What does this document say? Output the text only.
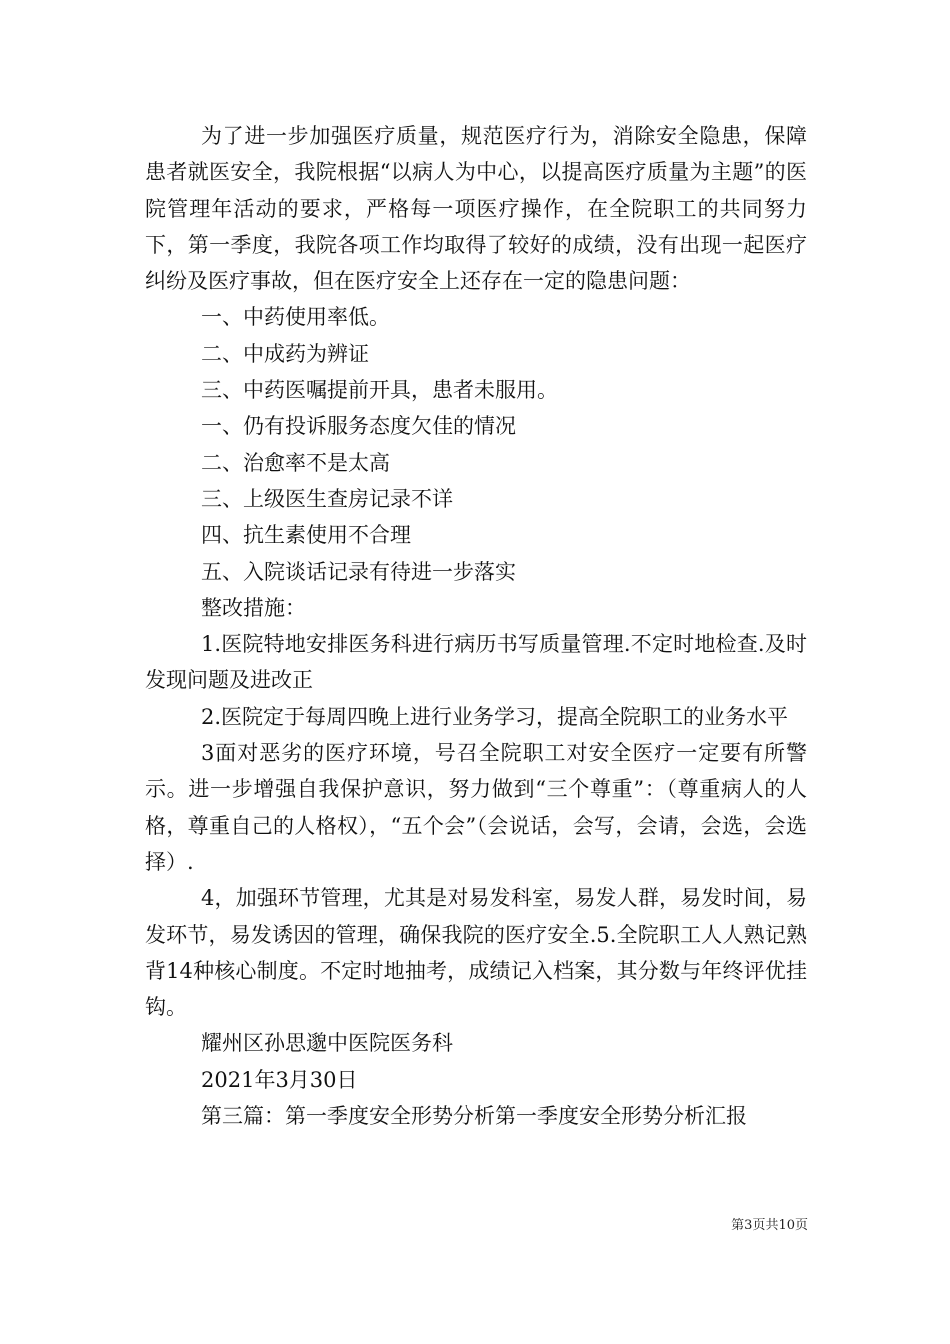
为了进一步加强医疗质量，规范医疗行为，消除安全隐患，保障患者就医安全，我院根据“以病人为中心，以提高医疗质量为主题”的医院管理年活动的要求，严格每一项医疗操作，在全院职工的共同努力下，第一季度，我院各项工作均取得了较好的成绩，没有出现一起医疗纠纷及医疗事故，但在医疗安全上还存在一定的隐患问题：

一、中药使用率低。

二、中成药为辨证

三、中药医嘱提前开具，患者未服用。

一、仍有投诉服务态度欠佳的情况

二、治愈率不是太高

三、上级医生查房记录不详

四、抗生素使用不合理

五、入院谈话记录有待进一步落实

整改措施：

1.医院特地安排医务科进行病历书写质量管理.不定时地检查.及时发现问题及进改正

2.医院定于每周四晚上进行业务学习，提高全院职工的业务水平

3面对恶劣的医疗环境，号召全院职工对安全医疗一定要有所警示。进一步增强自我保护意识，努力做到“三个尊重”：（尊重病人的人格，尊重自己的人格权），“五个会”（会说话，会写，会请，会选，会选择）.

4，加强环节管理，尤其是对易发科室，易发人群，易发时间，易发环节，易发诱因的管理，确保我院的医疗安全.5.全院职工人人熟记熟背14种核心制度。不定时地抽考，成绩记入档案，其分数与年终评优挂钩。

耀州区孙思邈中医院医务科

2021年3月30日

第三篇：第一季度安全形势分析第一季度安全形势分析汇报

第3页共10页
